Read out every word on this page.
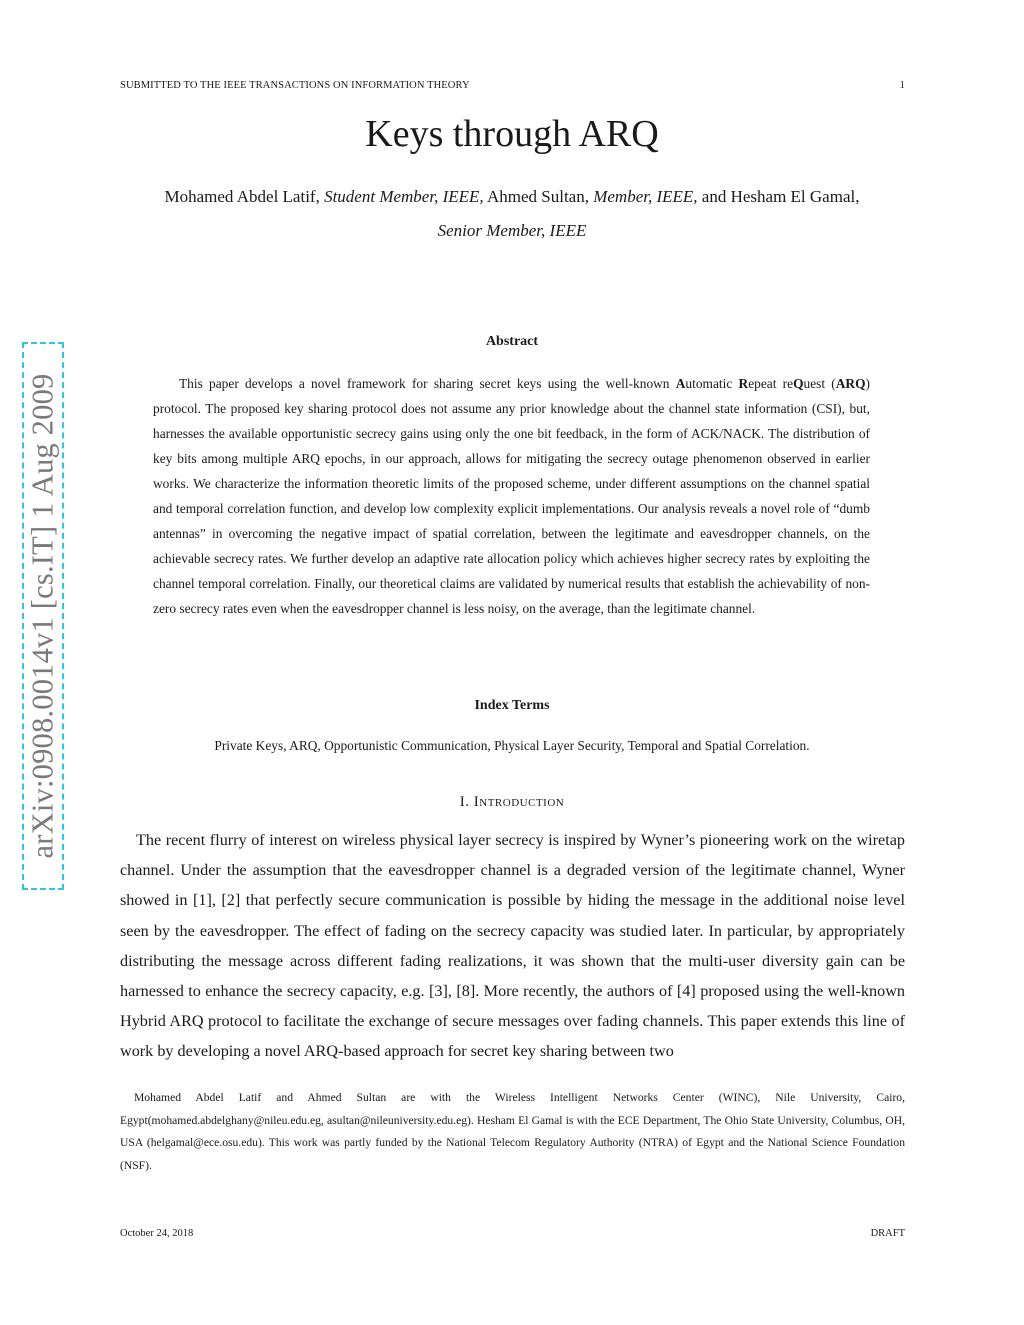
SUBMITTED TO THE IEEE TRANSACTIONS ON INFORMATION THEORY	1
Keys through ARQ
Mohamed Abdel Latif, Student Member, IEEE, Ahmed Sultan, Member, IEEE, and Hesham El Gamal, Senior Member, IEEE
Abstract
This paper develops a novel framework for sharing secret keys using the well-known Automatic Repeat reQuest (ARQ) protocol. The proposed key sharing protocol does not assume any prior knowledge about the channel state information (CSI), but, harnesses the available opportunistic secrecy gains using only the one bit feedback, in the form of ACK/NACK. The distribution of key bits among multiple ARQ epochs, in our approach, allows for mitigating the secrecy outage phenomenon observed in earlier works. We characterize the information theoretic limits of the proposed scheme, under different assumptions on the channel spatial and temporal correlation function, and develop low complexity explicit implementations. Our analysis reveals a novel role of “dumb antennas” in overcoming the negative impact of spatial correlation, between the legitimate and eavesdropper channels, on the achievable secrecy rates. We further develop an adaptive rate allocation policy which achieves higher secrecy rates by exploiting the channel temporal correlation. Finally, our theoretical claims are validated by numerical results that establish the achievability of non-zero secrecy rates even when the eavesdropper channel is less noisy, on the average, than the legitimate channel.
Index Terms
Private Keys, ARQ, Opportunistic Communication, Physical Layer Security, Temporal and Spatial Correlation.
I. Introduction
The recent flurry of interest on wireless physical layer secrecy is inspired by Wyner’s pioneering work on the wiretap channel. Under the assumption that the eavesdropper channel is a degraded version of the legitimate channel, Wyner showed in [1], [2] that perfectly secure communication is possible by hiding the message in the additional noise level seen by the eavesdropper. The effect of fading on the secrecy capacity was studied later. In particular, by appropriately distributing the message across different fading realizations, it was shown that the multi-user diversity gain can be harnessed to enhance the secrecy capacity, e.g. [3], [8]. More recently, the authors of [4] proposed using the well-known Hybrid ARQ protocol to facilitate the exchange of secure messages over fading channels. This paper extends this line of work by developing a novel ARQ-based approach for secret key sharing between two
Mohamed Abdel Latif and Ahmed Sultan are with the Wireless Intelligent Networks Center (WINC), Nile University, Cairo, Egypt(mohamed.abdelghany@nileu.edu.eg, asultan@nileuniversity.edu.eg). Hesham El Gamal is with the ECE Department, The Ohio State University, Columbus, OH, USA (helgamal@ece.osu.edu). This work was partly funded by the National Telecom Regulatory Authority (NTRA) of Egypt and the National Science Foundation (NSF).
October 24, 2018	DRAFT
arXiv:0908.0014v1 [cs.IT] 1 Aug 2009
